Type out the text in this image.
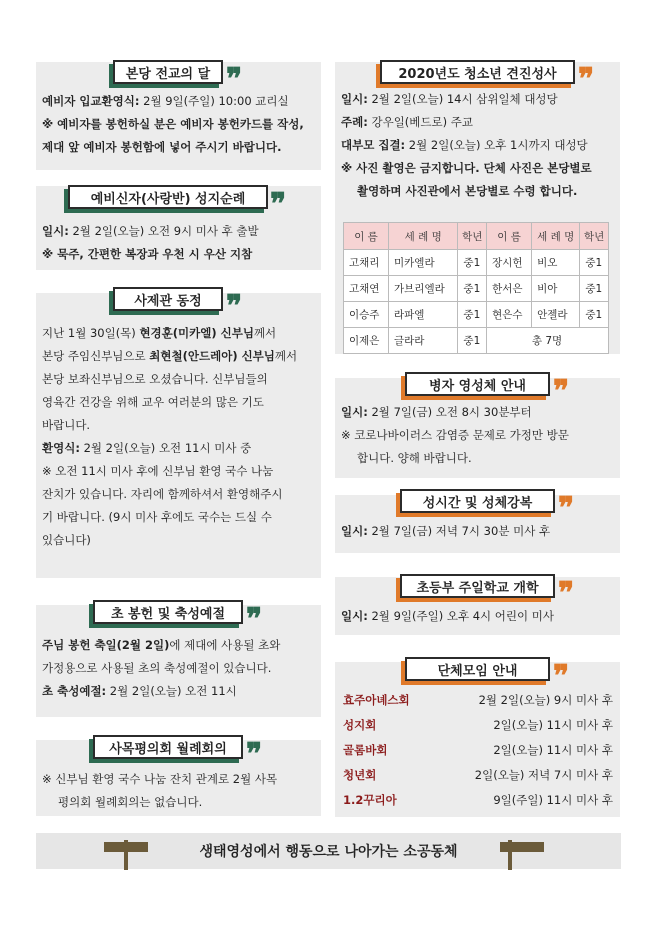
본당 전교의 달 ❞
예비자 입교환영식: 2월 9일(주일) 10:00 교리실
※ 예비자를 봉헌하실 분은 예비자 봉헌카드를 작성,
제대 앞 예비자 봉헌함에 넣어 주시기 바랍니다.
예비신자(사랑반) 성지순례 ❞
일시: 2월 2일(오늘) 오전 9시 미사 후 출발
※ 묵주, 간편한 복장과 우천 시 우산 지참
사제관 동정 ❞
지난 1월 30일(목) 현경훈(미카엘) 신부님께서
본당 주임신부님으로 최현철(안드레아) 신부님께서
본당 보좌신부님으로 오셨습니다. 신부님들의
영육간 건강을 위해 교우 여러분의 많은 기도
바랍니다.
환영식: 2월 2일(오늘) 오전 11시 미사 중
※ 오전 11시 미사 후에 신부님 환영 국수 나눔
잔치가 있습니다. 자리에 함께하셔서 환영해주시
기 바랍니다. (9시 미사 후에도 국수는 드실 수
있습니다)
초 봉헌 및 축성예절 ❞
주님 봉헌 축일(2월 2일)에 제대에 사용될 초와
가정용으로 사용될 초의 축성예절이 있습니다.
초 축성예절: 2월 2일(오늘) 오전 11시
사목평의회 월례회의 ❞
※ 신부님 환영 국수 나눔 잔치 관계로 2월 사목
평의회 월례회의는 없습니다.
2020년도 청소년 견진성사 ❞
일시: 2월 2일(오늘) 14시 삼위일체 대성당
주례: 강우일(베드로) 주교
대부모 집결: 2월 2일(오늘) 오후 1시까지 대성당
※ 사진 촬영은 금지합니다. 단체 사진은 본당별로
촬영하며 사진관에서 본당별로 수령 합니다.
이 름	세 례 명	학년	이 름	세 례 명	학년
고채리	미카엘라	중1	장시헌	비오	중1
고채연	가브리엘라	중1	한서은	비아	중1
이승주	라파엘	중1	현은수	안젤라	중1
이제은	글라라	중1	총 7명		
병자 영성체 안내 ❞
일시: 2월 7일(금) 오전 8시 30분부터
※ 코로나바이러스 감염증 문제로 가정만 방문
합니다. 양해 바랍니다.
성시간 및 성체강복 ❞
일시: 2월 7일(금) 저녁 7시 30분 미사 후
초등부 주일학교 개학 ❞
일시: 2월 9일(주일) 오후 4시 어린이 미사
단체모임 안내 ❞
효주아녜스회	2월 2일(오늘) 9시 미사 후
성지회	2일(오늘) 11시 미사 후
골롬바회	2일(오늘) 11시 미사 후
청년회	2일(오늘) 저녁 7시 미사 후
1.2꾸리아	9일(주일) 11시 미사 후
생태영성에서 행동으로 나아가는 소공동체
